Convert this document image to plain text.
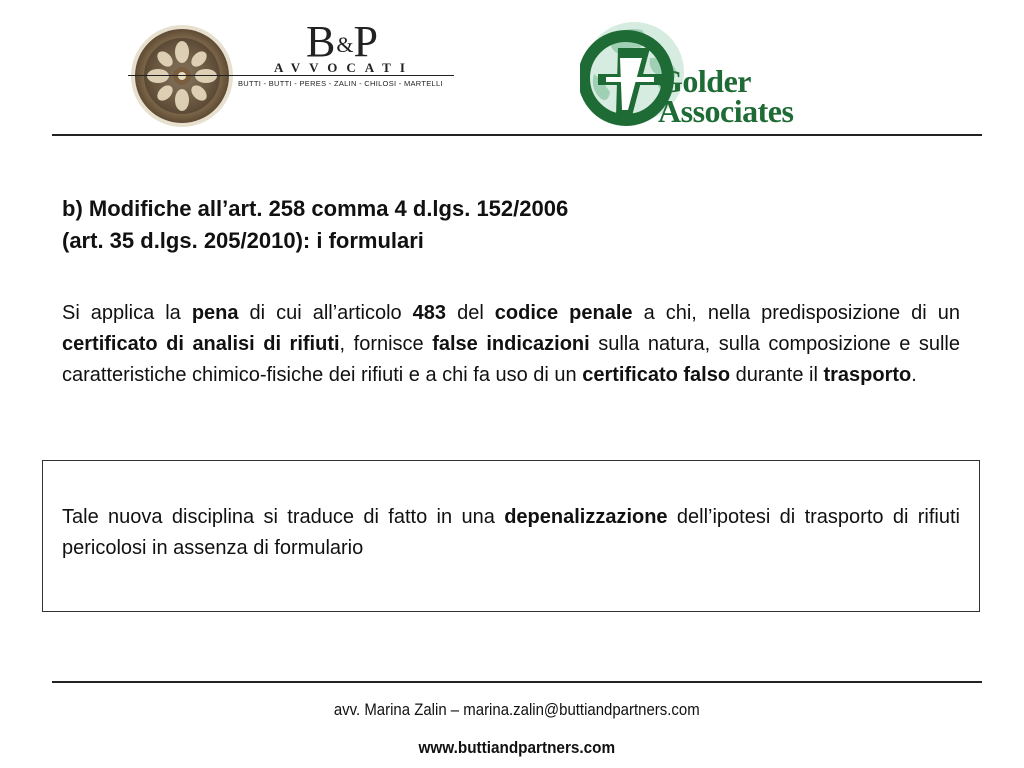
B&P
AVVOCATI
BUTTI - BUTTI - PERES - ZALIN - CHILOSI - MARTELLI	Golder
Associates
b) Modifiche all’art. 258 comma 4 d.lgs. 152/2006
(art. 35 d.lgs. 205/2010): i formulari
Si applica la pena di cui all’articolo 483 del codice penale a chi, nella predisposizione di un certificato di analisi di rifiuti, fornisce false indicazioni sulla natura, sulla composizione e sulle caratteristiche chimico-fisiche dei rifiuti e a chi fa uso di un certificato falso durante il trasporto.
Tale nuova disciplina si traduce di fatto in una depenalizzazione dell’ipotesi di trasporto di rifiuti pericolosi in assenza di formulario
avv. Marina Zalin – marina.zalin@buttiandpartners.com
www.buttiandpartners.com
